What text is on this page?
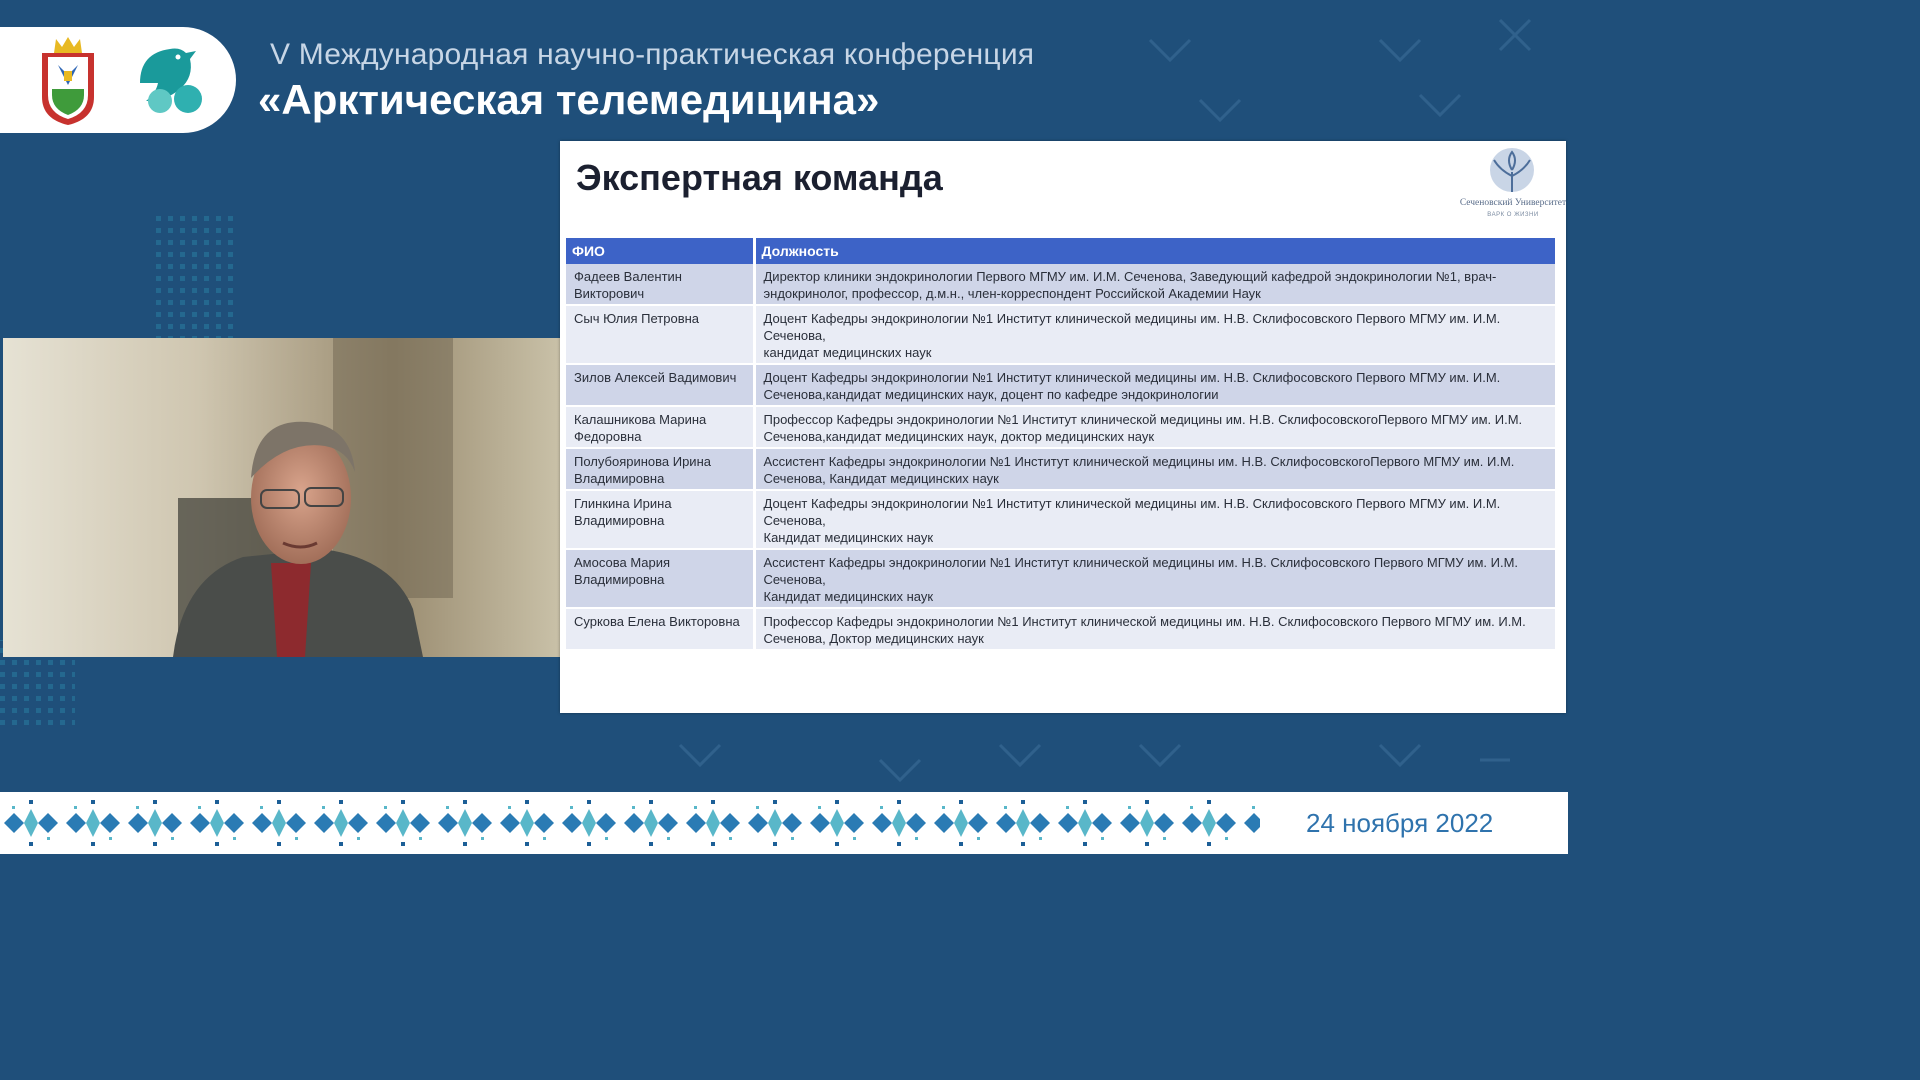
V Международная научно-практическая конференция
«Арктическая телемедицина»
Экспертная команда
Сеченовский Университет
ВАРК О ЖИЗНИ
ФИО	Должность
Фадеев Валентин Викторович	Директор клиники эндокринологии Первого МГМУ им. И.М. Сеченова, Заведующий кафедрой эндокринологии №1, врач-эндокринолог, профессор, д.м.н., член-корреспондент Российской Академии Наук
Сыч Юлия Петровна	Доцент Кафедры эндокринологии №1 Институт клинической медицины им. Н.В. Склифосовского Первого МГМУ им. И.М. Сеченова,
кандидат медицинских наук
Зилов Алексей Вадимович	Доцент Кафедры эндокринологии №1 Институт клинической медицины им. Н.В. Склифосовского Первого МГМУ им. И.М. Сеченова,кандидат медицинских наук, доцент по кафедре эндокринологии
Калашникова Марина Федоровна	Профессор Кафедры эндокринологии №1 Институт клинической медицины им. Н.В. СклифосовскогоПервого МГМУ им. И.М. Сеченова,кандидат медицинских наук, доктор медицинских наук
Полубояринова Ирина Владимировна	Ассистент Кафедры эндокринологии №1 Институт клинической медицины им. Н.В. СклифосовскогоПервого МГМУ им. И.М. Сеченова, Кандидат медицинских наук
Глинкина Ирина Владимировна	Доцент Кафедры эндокринологии №1 Институт клинической медицины им. Н.В. Склифосовского Первого МГМУ им. И.М. Сеченова,
Кандидат медицинских наук
Амосова Мария Владимировна	Ассистент Кафедры эндокринологии №1 Институт клинической медицины им. Н.В. Склифосовского Первого МГМУ им. И.М. Сеченова,
Кандидат медицинских наук
Суркова Елена Викторовна	Профессор Кафедры эндокринологии №1 Институт клинической медицины им. Н.В. Склифосовского Первого МГМУ им. И.М. Сеченова, Доктор медицинских наук
24 ноября 2022
